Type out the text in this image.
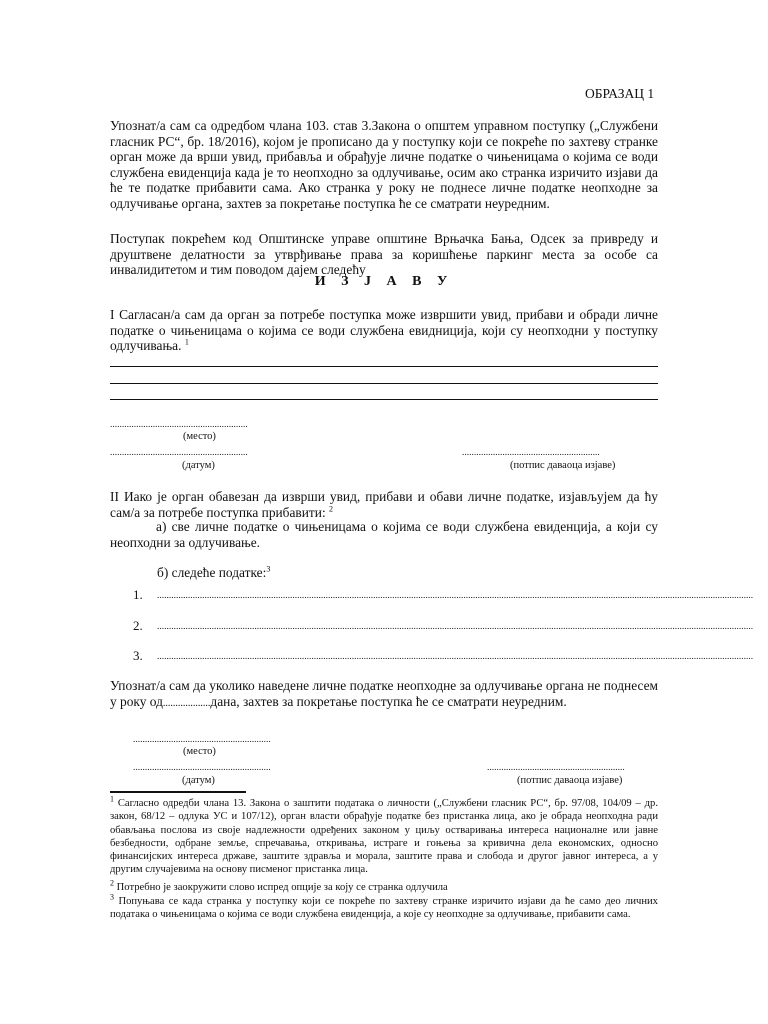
ОБРАЗАЦ 1
Упознат/а сам са одредбом члана 103. став 3.Закона о општем управном поступку („Службени гласник РС“, бр. 18/2016), којом је прописано да у поступку који се покреће по захтеву странке орган може да врши увид, прибавља и обрађује личне податке о чињеницама о којима се води службена евиденција када је то неопходно за одлучивање, осим ако странка изричито изјави да ће те податке прибавити сама. Ако странка у року не поднесе личне податке неопходне за одлучивање органа, захтев за покретање поступка ће се сматрати неуредним.
Поступак покрећем код Општинске управе општине Врњачка Бања, Одсек за привреду и друштвене делатности за утврђивање права за коришћење паркинг места за особе са инвалидитетом и тим поводом дајем следећу
И З Ј А В У
I Сагласан/а сам да орган за потребе поступка може извршити увид, прибави и обради личне податке о чињеницама о којима се води службена евидниција, који су неопходни у поступку одлучивања. $^1$
..........................................................
(место)
..........................................................
(датум)
..........................................................
(потпис даваоца изјаве)
II Иако је орган обавезан да изврши увид, прибави и обави личне податке, изјављујем да ћу сам/а за потребе поступка прибавити: $^2$
а) све личне податке о чињеницама о којима се води службена евиденција, а који су неопходни за одлучивање.
б) следеће податке:$^3$
1. ...........................................................................................................................................................................................................................................................
2. ...........................................................................................................................................................................................................................................................
3. ...........................................................................................................................................................................................................................................................
Упознат/а сам да уколико наведене личне податке неопходне за одлучивање органа не поднесем у року од...................дана, захтев за покретање поступка ће се сматрати неуредним.
..........................................................
(место)
..........................................................
(датум)
..........................................................
(потпис даваоца изјаве)
$^1$ Сагласно одредби члана 13. Закона о заштити података о личности („Службени гласник РС“, бр. 97/08, 104/09 – др. закон, 68/12 – одлука УС и 107/12), орган власти обрађује податке без пристанка лица, ако је обрада неопходна ради обављања послова из своје надлежности одређених законом у циљу остваривања интереса националне или јавне безбедности, одбране земље, спречавања, откривања, истраге и гоњења за кривична дела економских, односно финансијских интереса државе, заштите здравља и морала, заштите права и слобода и другог јавног интереса, а у другим случајевима на основу писменог пристанка лица.
$^2$ Потребно је заокружити слово испред опције за коју се странка одлучила
$^3$ Попуњава се када странка у поступку који се покреће по захтеву странке изричито изјави да ће само део личних података о чињеницама о којима се води службена евиденција, а које су неопходне за одлучивање, прибавити сама.
